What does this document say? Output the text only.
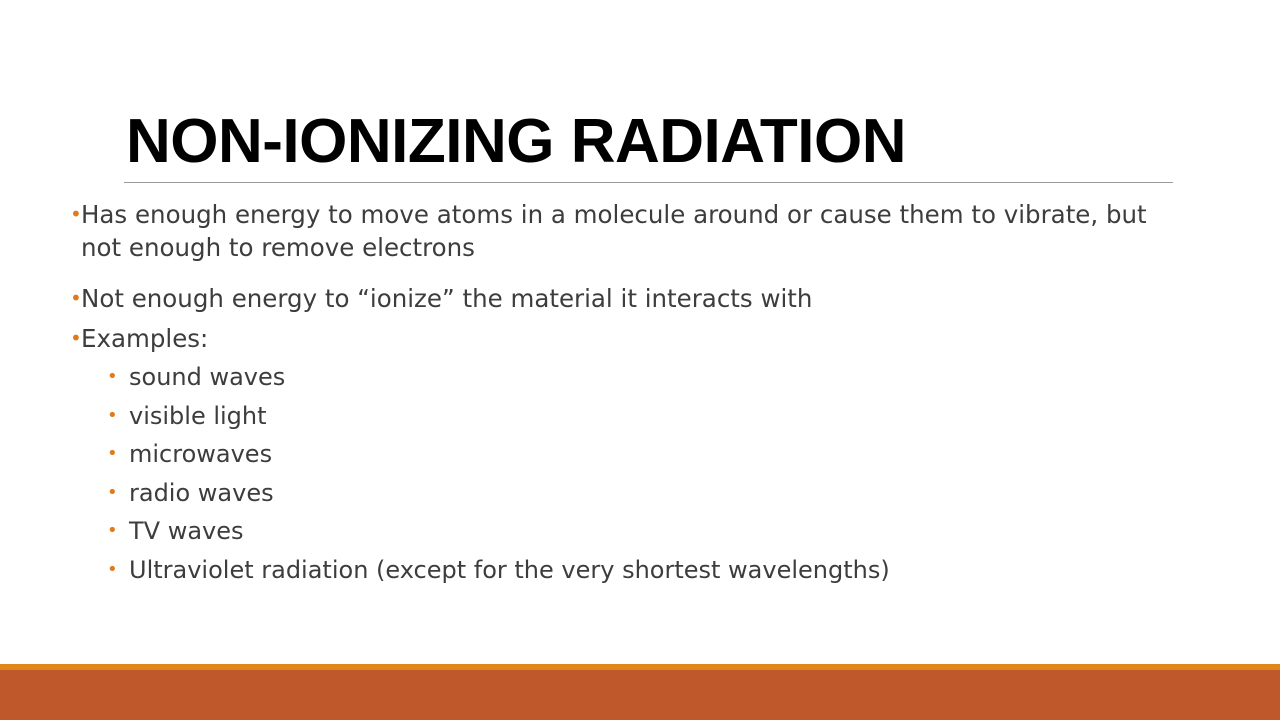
NON-IONIZING RADIATION
• Has enough energy to move atoms in a molecule around or cause them to vibrate, but not enough to remove electrons
• Not enough energy to “ionize” the material it interacts with
• Examples:
• sound waves
• visible light
• microwaves
• radio waves
• TV waves
• Ultraviolet radiation (except for the very shortest wavelengths)
